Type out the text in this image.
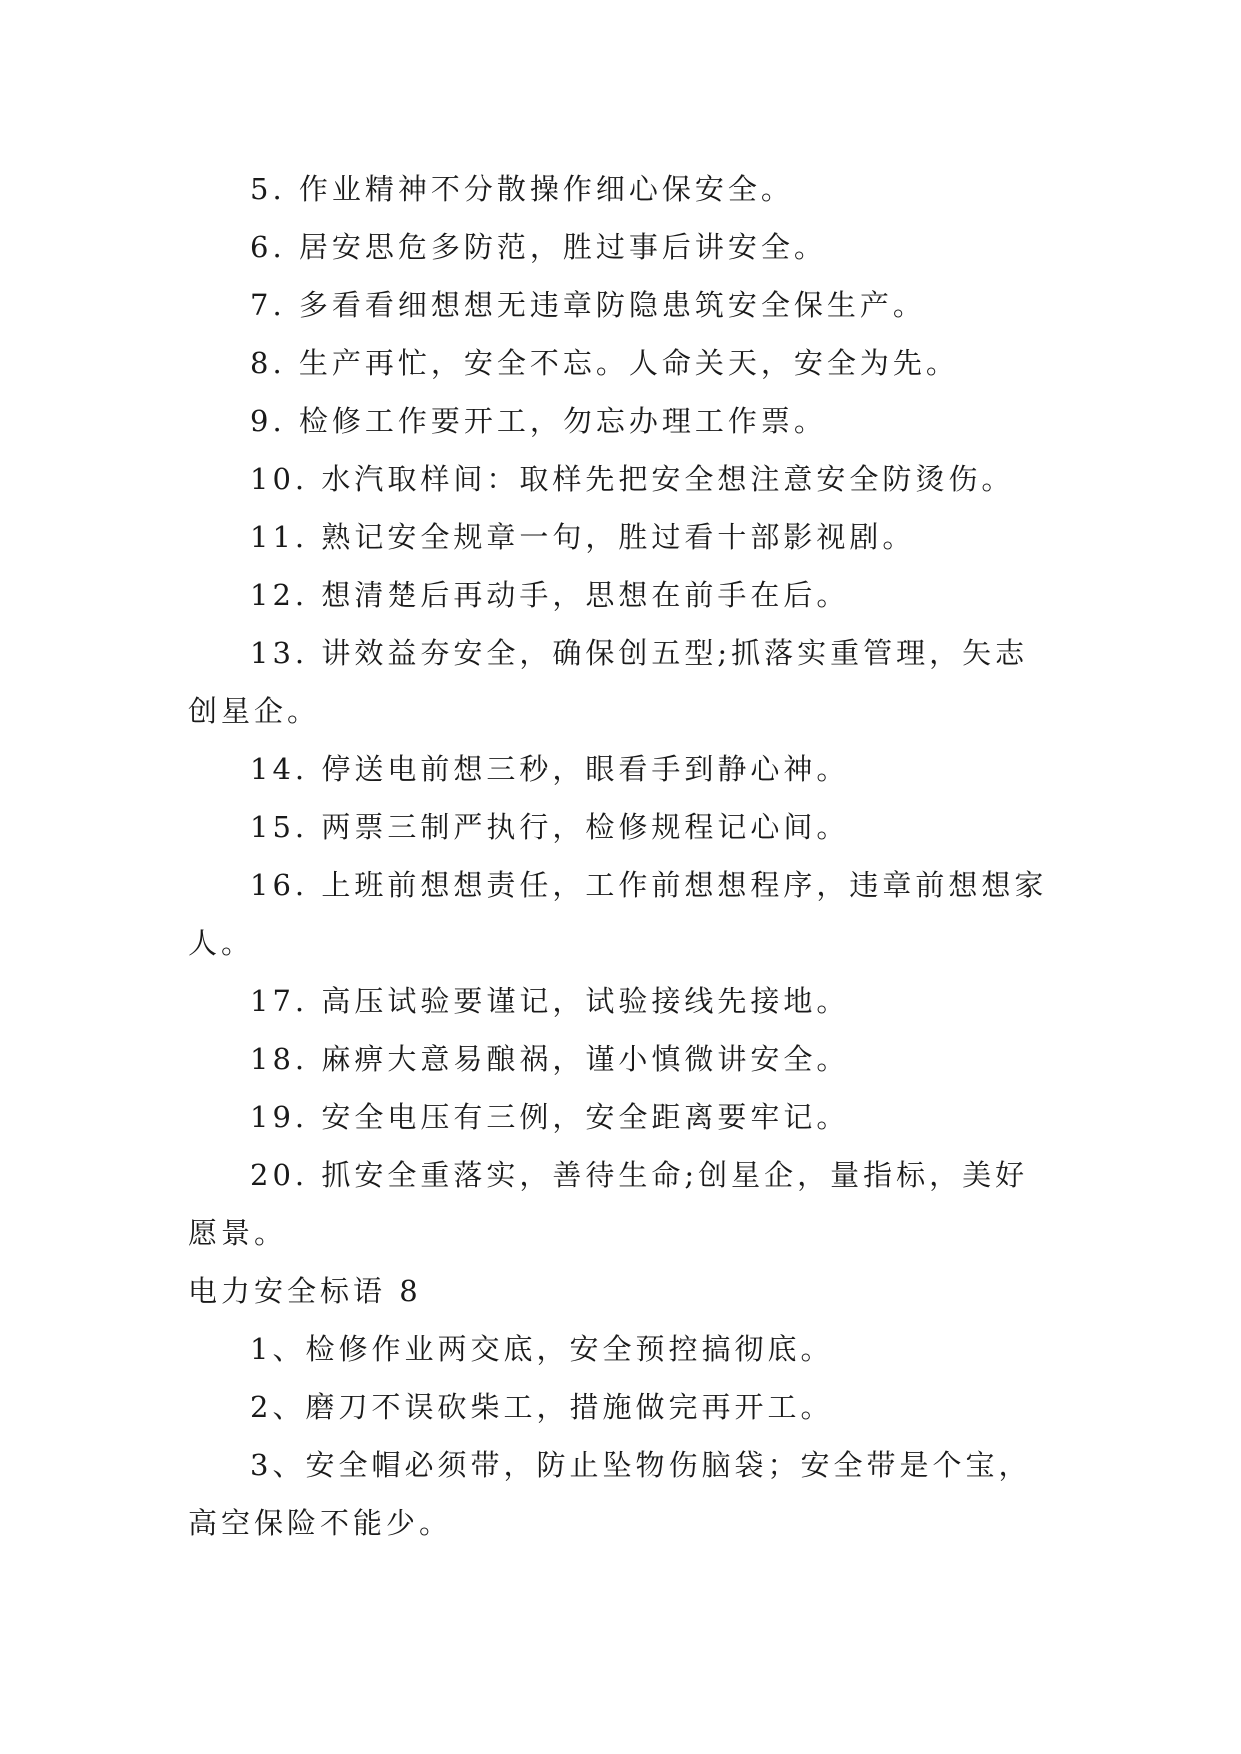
5. 作业精神不分散操作细心保安全。

6. 居安思危多防范，胜过事后讲安全。

7. 多看看细想想无违章防隐患筑安全保生产。

8. 生产再忙，安全不忘。人命关天，安全为先。

9. 检修工作要开工，勿忘办理工作票。

10. 水汽取样间：取样先把安全想注意安全防烫伤。

11. 熟记安全规章一句，胜过看十部影视剧。

12. 想清楚后再动手，思想在前手在后。

13. 讲效益夯安全，确保创五型;抓落实重管理，矢志创星企。

14. 停送电前想三秒，眼看手到静心神。

15. 两票三制严执行，检修规程记心间。

16. 上班前想想责任，工作前想想程序，违章前想想家人。

17. 高压试验要谨记，试验接线先接地。

18. 麻痹大意易酿祸，谨小慎微讲安全。

19. 安全电压有三例，安全距离要牢记。

20. 抓安全重落实，善待生命;创星企，量指标，美好愿景。

电力安全标语 8

1、检修作业两交底，安全预控搞彻底。

2、磨刀不误砍柴工，措施做完再开工。

3、安全帽必须带，防止坠物伤脑袋；安全带是个宝，高空保险不能少。
